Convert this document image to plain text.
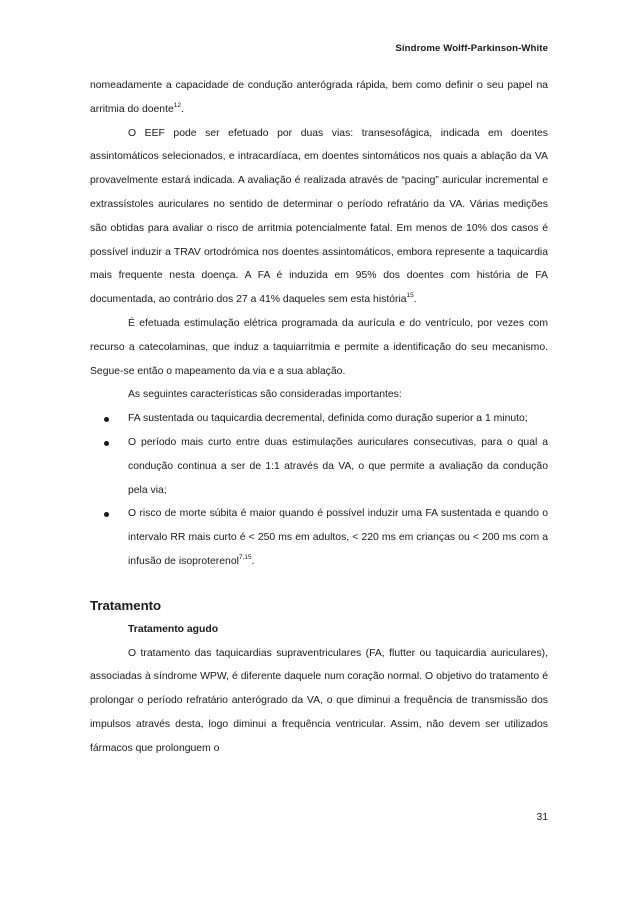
Síndrome Wolff-Parkinson-White

nomeadamente a capacidade de condução anterógrada rápida, bem como definir o seu papel na arritmia do doente$^{12}$.

O EEF pode ser efetuado por duas vias: transesofágica, indicada em doentes assintomáticos selecionados, e intracardíaca, em doentes sintomáticos nos quais a ablação da VA provavelmente estará indicada. A avaliação é realizada através de “pacing” auricular incremental e extrassístoles auriculares no sentido de determinar o período refratário da VA. Várias medições são obtidas para avaliar o risco de arritmia potencialmente fatal. Em menos de 10% dos casos é possível induzir a TRAV ortodrómica nos doentes assintomáticos, embora represente a taquicardia mais frequente nesta doença. A FA é induzida em 95% dos doentes com história de FA documentada, ao contrário dos 27 a 41% daqueles sem esta história$^{15}$.

É efetuada estimulação elétrica programada da aurícula e do ventrículo, por vezes com recurso a catecolaminas, que induz a taquiarritmia e permite a identificação do seu mecanismo. Segue-se então o mapeamento da via e a sua ablação.

As seguintes características são consideradas importantes:

FA sustentada ou taquicardia decremental, definida como duração superior a 1 minuto;
O período mais curto entre duas estimulações auriculares consecutivas, para o qual a condução continua a ser de 1:1 através da VA, o que permite a avaliação da condução pela via;
O risco de morte súbita é maior quando é possível induzir uma FA sustentada e quando o intervalo RR mais curto é < 250 ms em adultos, < 220 ms em crianças ou < 200 ms com a infusão de isoproterenol$^{7,15}$.
Tratamento
Tratamento agudo

O tratamento das taquicardias supraventriculares (FA, flutter ou taquicardia auriculares), associadas à síndrome WPW, é diferente daquele num coração normal. O objetivo do tratamento é prolongar o período refratário anterógrado da VA, o que diminui a frequência de transmissão dos impulsos através desta, logo diminui a frequência ventricular. Assim, não devem ser utilizados fármacos que prolonguem o

31
